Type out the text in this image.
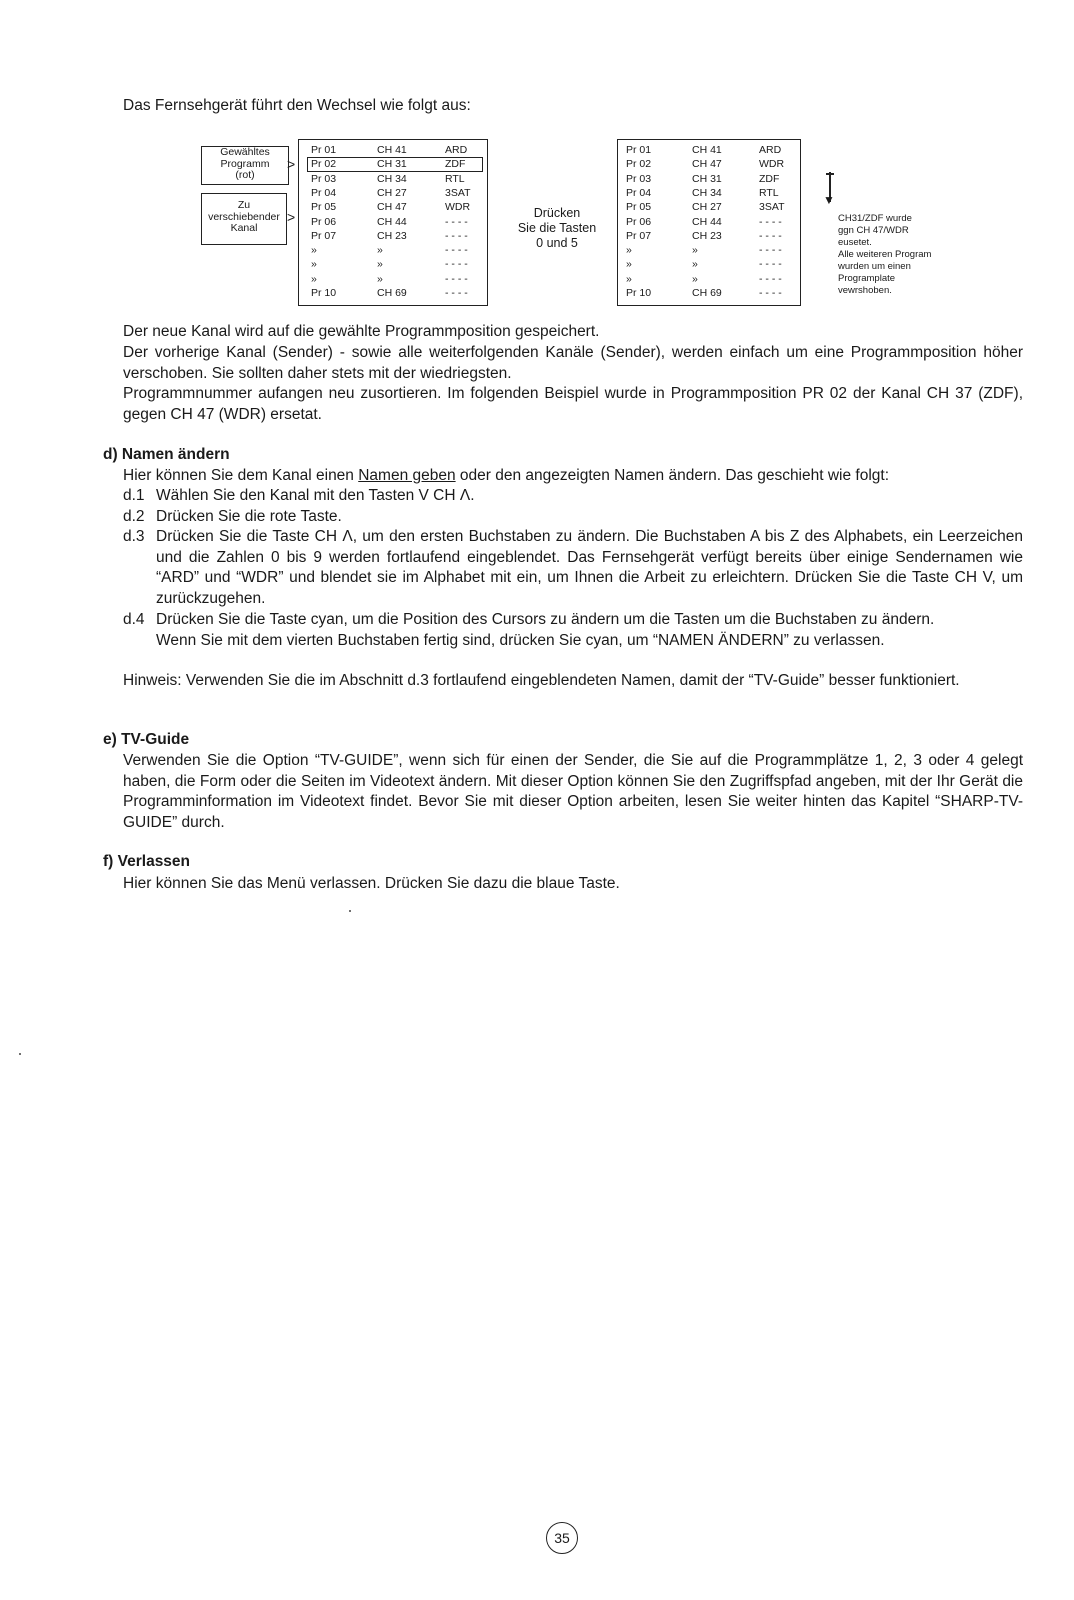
Das Fernsehgerät führt den Wechsel wie folgt aus:
Gewähltes
Programm
(rot)
>
Zu
verschiebender
Kanal
>
Pr 01	CH 41	ARD
Pr 02	CH 31	ZDF
Pr 03	CH 34	RTL
Pr 04	CH 27	3SAT
Pr 05	CH 47	WDR
Pr 06	CH 44	- - - -
Pr 07	CH 23	- - - -
»	»	- - - -
»	»	- - - -
»	»	- - - -
Pr 10	CH 69	- - - -
Drücken
Sie die Tasten
0 und 5
Pr 01	CH 41	ARD
Pr 02	CH 47	WDR
Pr 03	CH 31	ZDF
Pr 04	CH 34	RTL
Pr 05	CH 27	3SAT
Pr 06	CH 44	- - - -
Pr 07	CH 23	- - - -
»	»	- - - -
»	»	- - - -
»	»	- - - -
Pr 10	CH 69	- - - -
▼
CH31/ZDF wurde
ggn CH 47/WDR
eusetet.
Alle weiteren Program
wurden um einen
Programplate
vewrshoben.
Der neue Kanal wird auf die gewählte Programmposition gespeichert.
Der vorherige Kanal (Sender) - sowie alle weiterfolgenden Kanäle (Sender), werden einfach um eine Programmposition höher verschoben. Sie sollten daher stets mit der wiedriegsten.
Programmnummer aufangen neu zusortieren. Im folgenden Beispiel wurde in Programmposition PR 02 der Kanal CH 37 (ZDF), gegen CH 47 (WDR) ersetat.
d) Namen ändern
Hier können Sie dem Kanal einen Namen geben oder den angezeigten Namen ändern. Das geschieht wie folgt:
d.1 Wählen Sie den Kanal mit den Tasten V CH Λ.
d.2 Drücken Sie die rote Taste.
d.3 Drücken Sie die Taste CH Λ, um den ersten Buchstaben zu ändern. Die Buchstaben A bis Z des Alphabets, ein Leerzeichen und die Zahlen 0 bis 9 werden fortlaufend eingeblendet. Das Fernsehgerät verfügt bereits über einige Sendernamen wie “ARD” und “WDR” und blendet sie im Alphabet mit ein, um Ihnen die Arbeit zu erleichtern. Drücken Sie die Taste CH V, um zurückzugehen.
d.4 Drücken Sie die Taste cyan, um die Position des Cursors zu ändern um die Tasten um die Buchstaben zu ändern.
Wenn Sie mit dem vierten Buchstaben fertig sind, drücken Sie cyan, um “NAMEN ÄNDERN” zu verlassen.
Hinweis: Verwenden Sie die im Abschnitt d.3 fortlaufend eingeblendeten Namen, damit der “TV-Guide” besser funktioniert.
e) TV-Guide
Verwenden Sie die Option “TV-GUIDE”, wenn sich für einen der Sender, die Sie auf die Programmplätze 1, 2, 3 oder 4 gelegt haben, die Form oder die Seiten im Videotext ändern. Mit dieser Option können Sie den Zugriffspfad angeben, mit der Ihr Gerät die Programminformation im Videotext findet. Bevor Sie mit dieser Option arbeiten, lesen Sie weiter hinten das Kapitel “SHARP-TV-GUIDE” durch.
f) Verlassen
Hier können Sie das Menü verlassen. Drücken Sie dazu die blaue Taste.
35
